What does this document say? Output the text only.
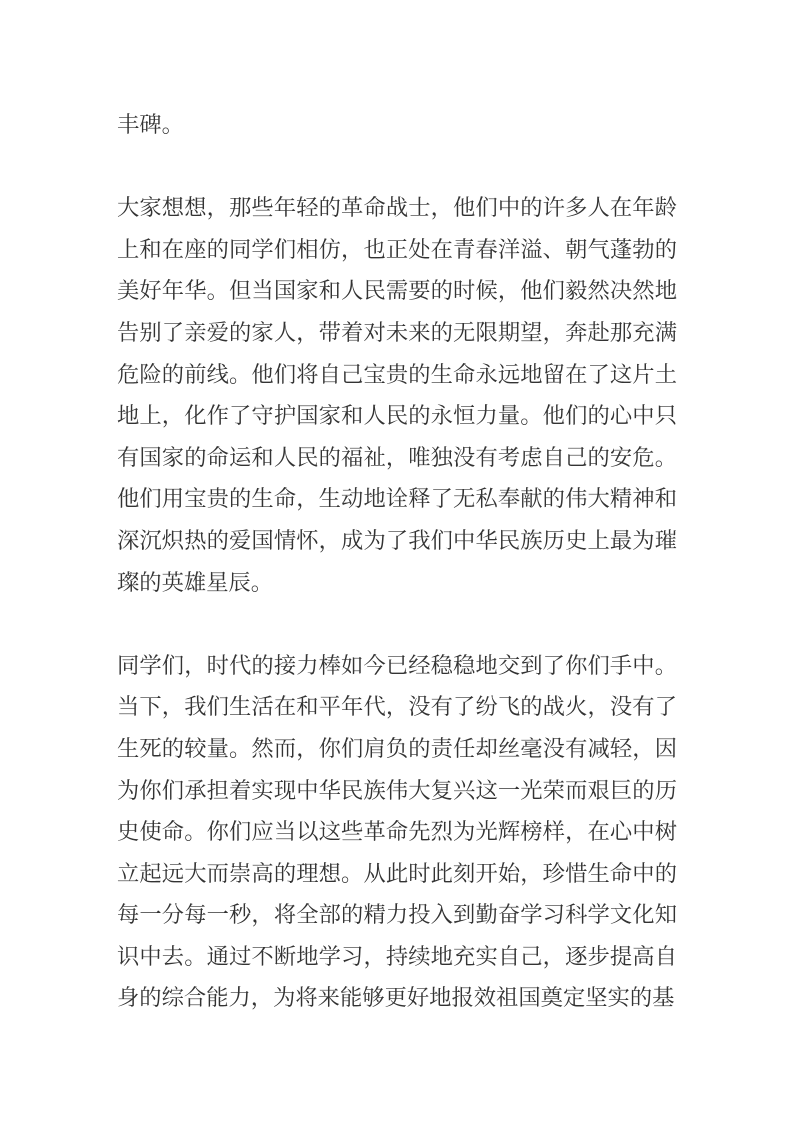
丰碑。

大家想想，那些年轻的革命战士，他们中的许多人在年龄上和在座的同学们相仿，也正处在青春洋溢、朝气蓬勃的美好年华。但当国家和人民需要的时候，他们毅然决然地告别了亲爱的家人，带着对未来的无限期望，奔赴那充满危险的前线。他们将自己宝贵的生命永远地留在了这片土地上，化作了守护国家和人民的永恒力量。他们的心中只有国家的命运和人民的福祉，唯独没有考虑自己的安危。他们用宝贵的生命，生动地诠释了无私奉献的伟大精神和深沉炽热的爱国情怀，成为了我们中华民族历史上最为璀璨的英雄星辰。

同学们，时代的接力棒如今已经稳稳地交到了你们手中。当下，我们生活在和平年代，没有了纷飞的战火，没有了生死的较量。然而，你们肩负的责任却丝毫没有减轻，因为你们承担着实现中华民族伟大复兴这一光荣而艰巨的历史使命。你们应当以这些革命先烈为光辉榜样，在心中树立起远大而崇高的理想。从此时此刻开始，珍惜生命中的每一分每一秒，将全部的精力投入到勤奋学习科学文化知识中去。通过不断地学习，持续地充实自己，逐步提高自身的综合能力，为将来能够更好地报效祖国奠定坚实的基
